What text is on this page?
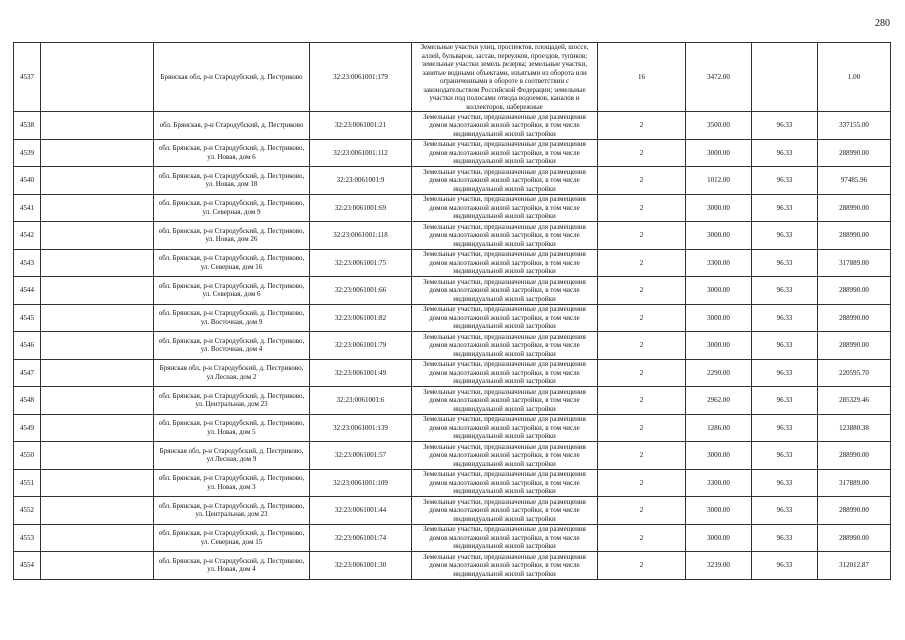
280
4537		Брянская обл, р-н Стародубский, д. Пестриково	32:23:0061001:179	Земельные участки улиц, проспектов, площадей, шоссе, аллей, бульваров, застав, переулков, проездов, тупиков; земельные участки земель резерва; земельные участки, занятые водными объектами, изъятыми из оборота или ограниченными в обороте в соответствии с законодательством Российской Федерации; земельные участки под полосами отвода водоемов, каналов и коллекторов, набережные	16	3472.00		1.00
4538		обл. Брянская, р-н Стародубский, д. Пестриково	32:23:0061001:21	Земельные участки, предназначенные для размещения домов малоэтажной жилой застройки, в том числе индивидуальной жилой застройки	2	3500.00	96.33	337155.00
4539		обл. Брянская, р-н Стародубский, д. Пестриково, ул. Новая, дом 6	32:23:0061001:112	Земельные участки, предназначенные для размещения домов малоэтажной жилой застройки, в том числе индивидуальной жилой застройки	2	3000.00	96.33	288990.00
4540		обл. Брянская, р-н Стародубский, д. Пестриково, ул. Новая, дом 18	32:23:0061001:9	Земельные участки, предназначенные для размещения домов малоэтажной жилой застройки, в том числе индивидуальной жилой застройки	2	1012.00	96.33	97485.96
4541		обл. Брянская, р-н Стародубский, д. Пестриково, ул. Северная, дом 9	32:23:0061001:69	Земельные участки, предназначенные для размещения домов малоэтажной жилой застройки, в том числе индивидуальной жилой застройки	2	3000.00	96.33	288990.00
4542		обл. Брянская, р-н Стародубский, д. Пестриково, ул. Новая, дом 26	32:23:0061001:118	Земельные участки, предназначенные для размещения домов малоэтажной жилой застройки, в том числе индивидуальной жилой застройки	2	3000.00	96.33	288990.00
4543		обл. Брянская, р-н Стародубский, д. Пестриково, ул. Северная, дом 16	32:23:0061001:75	Земельные участки, предназначенные для размещения домов малоэтажной жилой застройки, в том числе индивидуальной жилой застройки	2	3300.00	96.33	317889.00
4544		обл. Брянская, р-н Стародубский, д. Пестриково, ул. Северная, дом 6	32:23:0061001:66	Земельные участки, предназначенные для размещения домов малоэтажной жилой застройки, в том числе индивидуальной жилой застройки	2	3000.00	96.33	288990.00
4545		обл. Брянская, р-н Стародубский, д. Пестриково, ул. Восточная, дом 9	32:23:0061001:82	Земельные участки, предназначенные для размещения домов малоэтажной жилой застройки, в том числе индивидуальной жилой застройки	2	3000.00	96.33	288990.00
4546		обл. Брянская, р-н Стародубский, д. Пестриково, ул. Восточная, дом 4	32:23:0061001:79	Земельные участки, предназначенные для размещения домов малоэтажной жилой застройки, в том числе индивидуальной жилой застройки	2	3000.00	96.33	288990.00
4547		Брянская обл, р-н Стародубский, д. Пестриково, ул Лесная, дом 2	32:23:0061001:49	Земельные участки, предназначенные для размещения домов малоэтажной жилой застройки, в том числе индивидуальной жилой застройки	2	2290.00	96.33	220595.70
4548		обл. Брянская, р-н Стародубский, д. Пестриково, ул. Центральная, дом 23	32:23:0061001:6	Земельные участки, предназначенные для размещения домов малоэтажной жилой застройки, в том числе индивидуальной жилой застройки	2	2962.00	96.33	285329.46
4549		обл. Брянская, р-н Стародубский, д. Пестриково, ул. Новая, дом 5	32:23:0061001:139	Земельные участки, предназначенные для размещения домов малоэтажной жилой застройки, в том числе индивидуальной жилой застройки	2	1286.00	96.33	123880.38
4550		Брянская обл, р-н Стародубский, д. Пестриково, ул Лесная, дом 9	32:23:0061001:57	Земельные участки, предназначенные для размещения домов малоэтажной жилой застройки, в том числе индивидуальной жилой застройки	2	3000.00	96.33	288990.00
4551		обл. Брянская, р-н Стародубский, д. Пестриково, ул. Новая, дом 3	32:23:0061001:109	Земельные участки, предназначенные для размещения домов малоэтажной жилой застройки, в том числе индивидуальной жилой застройки	2	3300.00	96.33	317889.00
4552		обл. Брянская, р-н Стародубский, д. Пестриково, ул. Центральная, дом 23	32:23:0061001:44	Земельные участки, предназначенные для размещения домов малоэтажной жилой застройки, в том числе индивидуальной жилой застройки	2	3000.00	96.33	288990.00
4553		обл. Брянская, р-н Стародубский, д. Пестриково, ул. Северная, дом 15	32:23:0061001:74	Земельные участки, предназначенные для размещения домов малоэтажной жилой застройки, в том числе индивидуальной жилой застройки	2	3000.00	96.33	288990.00
4554		обл. Брянская, р-н Стародубский, д. Пестриково, ул. Новая, дом 4	32:23:0061001:30	Земельные участки, предназначенные для размещения домов малоэтажной жилой застройки, в том числе индивидуальной жилой застройки	2	3239.00	96.33	312012.87
